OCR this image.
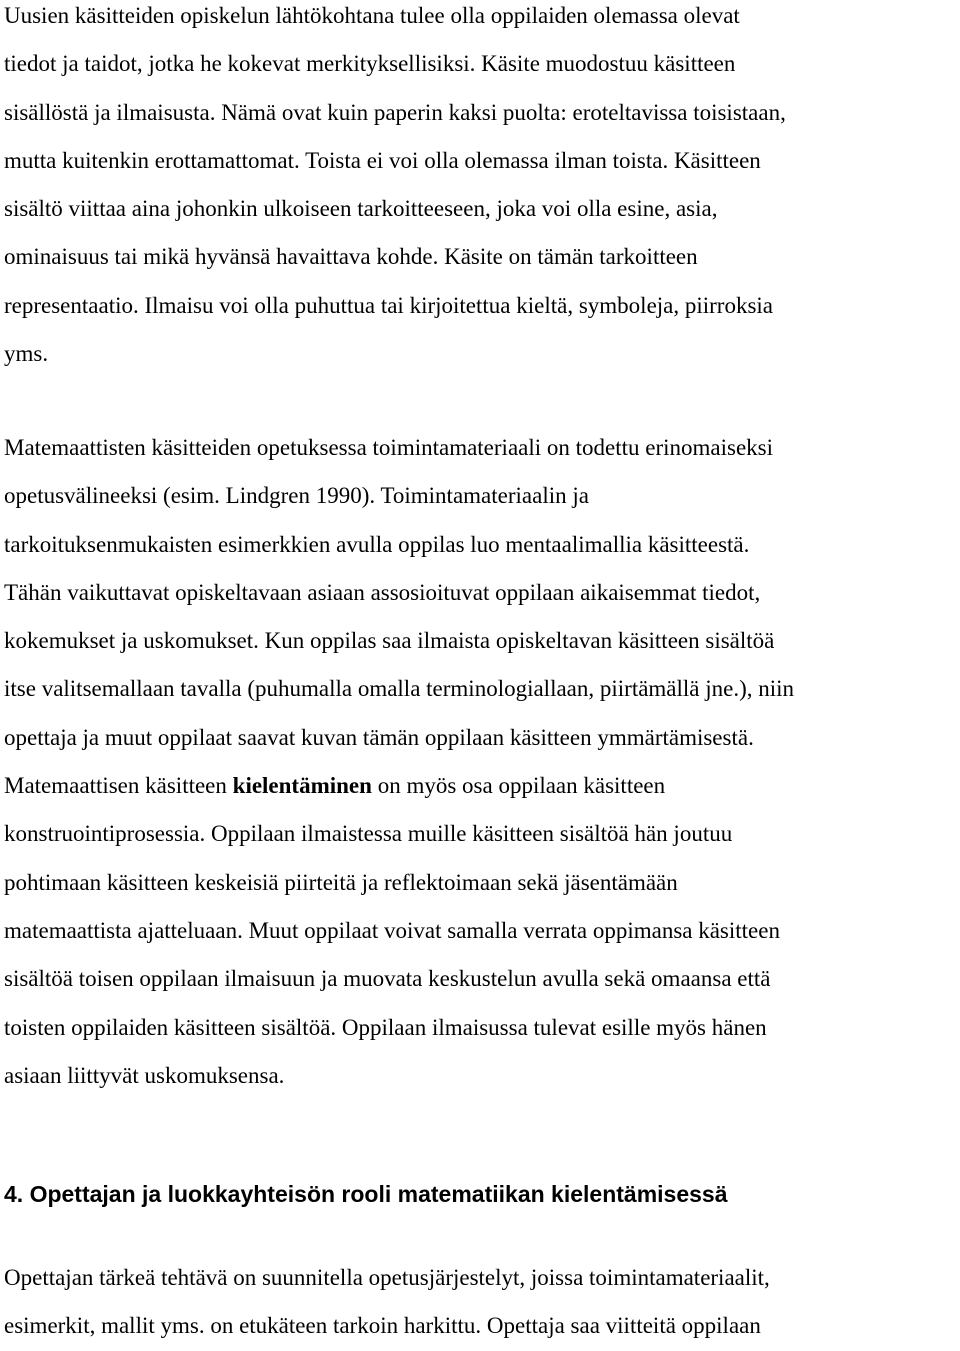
Uusien käsitteiden opiskelun lähtökohtana tulee olla oppilaiden olemassa olevat
tiedot ja taidot, jotka he kokevat merkityksellisiksi. Käsite muodostuu käsitteen
sisällöstä ja ilmaisusta. Nämä ovat kuin paperin kaksi puolta: eroteltavissa toisistaan,
mutta kuitenkin erottamattomat. Toista ei voi olla olemassa ilman toista. Käsitteen
sisältö viittaa aina johonkin ulkoiseen tarkoitteeseen, joka voi olla esine, asia,
ominaisuus tai mikä hyvänsä havaittava kohde. Käsite on tämän tarkoitteen
representaatio. Ilmaisu voi olla puhuttua tai kirjoitettua kieltä, symboleja, piirroksia
yms.

Matemaattisten käsitteiden opetuksessa toimintamateriaali on todettu erinomaiseksi
opetusvälineeksi (esim. Lindgren 1990). Toimintamateriaalin ja
tarkoituksenmukaisten esimerkkien avulla oppilas luo mentaalimallia käsitteestä.
Tähän vaikuttavat opiskeltavaan asiaan assosioituvat oppilaan aikaisemmat tiedot,
kokemukset ja uskomukset. Kun oppilas saa ilmaista opiskeltavan käsitteen sisältöä
itse valitsemallaan tavalla (puhumalla omalla terminologiallaan, piirtämällä jne.), niin
opettaja ja muut oppilaat saavat kuvan tämän oppilaan käsitteen ymmärtämisestä.
Matemaattisen käsitteen kielentäminen on myös osa oppilaan käsitteen
konstruointiprosessia. Oppilaan ilmaistessa muille käsitteen sisältöä hän joutuu
pohtimaan käsitteen keskeisiä piirteitä ja reflektoimaan sekä jäsentämään
matemaattista ajatteluaan. Muut oppilaat voivat samalla verrata oppimansa käsitteen
sisältöä toisen oppilaan ilmaisuun ja muovata keskustelun avulla sekä omaansa että
toisten oppilaiden käsitteen sisältöä. Oppilaan ilmaisussa tulevat esille myös hänen
asiaan liittyvät uskomuksensa.

4. Opettajan ja luokkayhteisön rooli matematiikan kielentämisessä

Opettajan tärkeä tehtävä on suunnitella opetusjärjestelyt, joissa toimintamateriaalit,
esimerkit, mallit yms. on etukäteen tarkoin harkittu. Opettaja saa viitteitä oppilaan
